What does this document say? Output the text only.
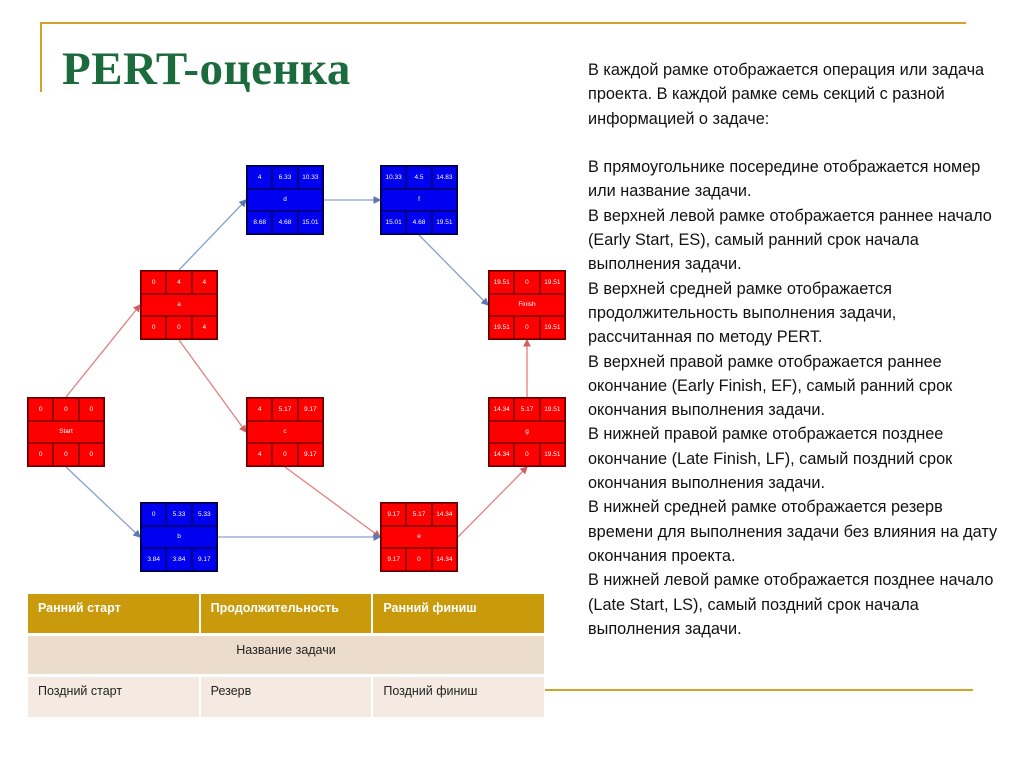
PERT-оценка	В каждой рамке отображается операция или задача проекта. В каждой рамке семь секций с разной информацией о задаче:

В прямоугольнике посередине отображается номер или название задачи.

В верхней левой рамке отображается раннее начало (Early Start, ES), самый ранний срок начала выполнения задачи.

В верхней средней рамке отображается продолжительность выполнения задачи, рассчитанная по методу PERT.

В верхней правой рамке отображается раннее окончание (Early Finish, EF), самый ранний срок окончания выполнения задачи.

В нижней правой рамке отображается позднее окончание (Late Finish, LF), самый поздний срок окончания выполнения задачи.

В нижней средней рамке отображается резерв времени для выполнения задачи без влияния на дату окончания проекта.

В нижней левой рамке отображается позднее начало (Late Start, LS), самый поздний срок начала выполнения задачи.

0	0	0
Start
0	0	0
0	4	4
a
0	0	4
0	5.33	5.33
b
3.84	3.84	9.17
4	5.17	9.17
c
4	0	9.17
4	6.33	10.33
d
8.68	4.68	15.01
9.17	5.17	14.34
e
9.17	0	14.34
10.33	4.5	14.83
f
15.01	4.68	19.51
14.34	5.17	19.51
g
14.34	0	19.51
19.51	0	19.51
Finish
19.51	0	19.51
Ранний старт	Продолжительность	Ранний финиш
Название задачи
Поздний старт	Резерв	Поздний финиш
